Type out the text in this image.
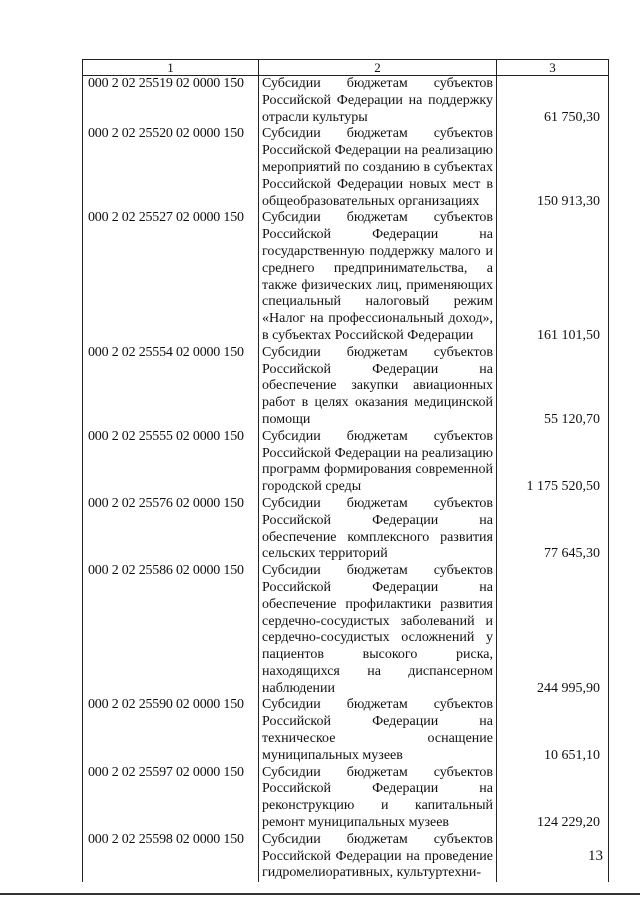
1	2	3
000 2 02 25519 02 0000 150	Субсидии бюджетам субъектов Российской Федерации на поддержку отрасли культуры	61 750,30
000 2 02 25520 02 0000 150	Субсидии бюджетам субъектов Российской Федерации на реализацию мероприятий по созданию в субъектах Российской Федерации новых мест в общеобразовательных организациях	150 913,30
000 2 02 25527 02 0000 150	Субсидии бюджетам субъектов Российской Федерации на государственную поддержку малого и среднего предпринимательства, а также физических лиц, применяющих специальный налоговый режим «Налог на профессиональный доход», в субъектах Российской Федерации	161 101,50
000 2 02 25554 02 0000 150	Субсидии бюджетам субъектов Российской Федерации на обеспечение закупки авиационных работ в целях оказания медицинской помощи	55 120,70
000 2 02 25555 02 0000 150	Субсидии бюджетам субъектов Российской Федерации на реализацию программ формирования современной городской среды	1 175 520,50
000 2 02 25576 02 0000 150	Субсидии бюджетам субъектов Российской Федерации на обеспечение комплексного развития сельских территорий	77 645,30
000 2 02 25586 02 0000 150	Субсидии бюджетам субъектов Российской Федерации на обеспечение профилактики развития сердечно-сосудистых заболеваний и сердечно-сосудистых осложнений у пациентов высокого риска, находящихся на диспансерном наблюдении	244 995,90
000 2 02 25590 02 0000 150	Субсидии бюджетам субъектов Российской Федерации на техническое оснащение муниципальных музеев	10 651,10
000 2 02 25597 02 0000 150	Субсидии бюджетам субъектов Российской Федерации на реконструкцию и капитальный ремонт муниципальных музеев	124 229,20
000 2 02 25598 02 0000 150	Субсидии бюджетам субъектов Российской Федерации на проведение гидромелиоративных, культуртехни-	
13
